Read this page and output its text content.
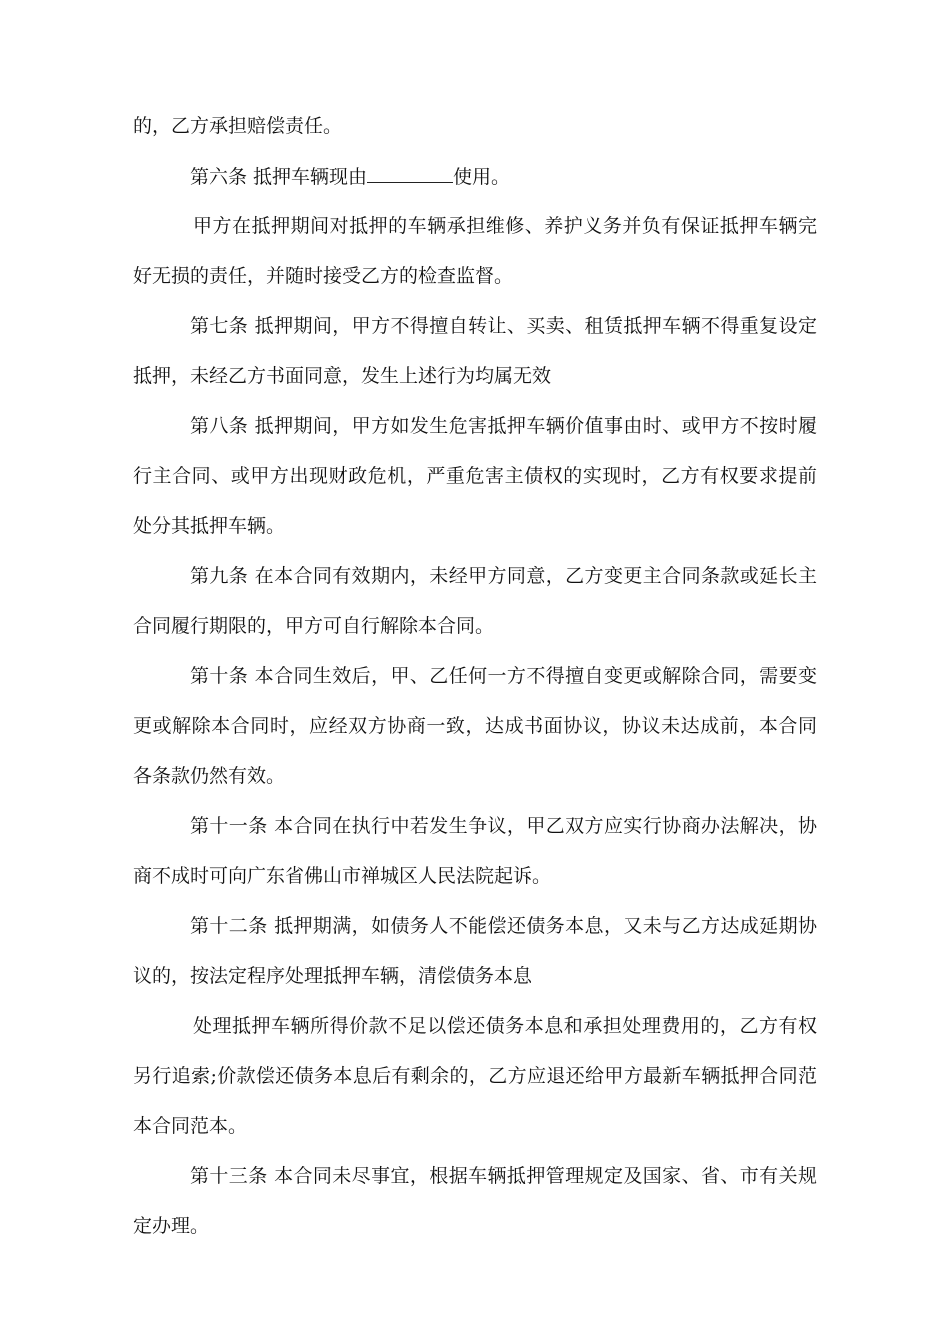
的，乙方承担赔偿责任。
第六条 抵押车辆现由	使用。
甲方在抵押期间对抵押的车辆承担维修、养护义务并负有保证抵押车辆完
好无损的责任，并随时接受乙方的检查监督。
第七条 抵押期间，甲方不得擅自转让、买卖、租赁抵押车辆不得重复设定
抵押，未经乙方书面同意，发生上述行为均属无效
第八条 抵押期间，甲方如发生危害抵押车辆价值事由时、或甲方不按时履
行主合同、或甲方出现财政危机，严重危害主债权的实现时，乙方有权要求提前
处分其抵押车辆。
第九条 在本合同有效期内，未经甲方同意，乙方变更主合同条款或延长主
合同履行期限的，甲方可自行解除本合同。
第十条 本合同生效后，甲、乙任何一方不得擅自变更或解除合同，需要变
更或解除本合同时，应经双方协商一致，达成书面协议，协议未达成前，本合同
各条款仍然有效。
第十一条 本合同在执行中若发生争议，甲乙双方应实行协商办法解决，协
商不成时可向广东省佛山市禅城区人民法院起诉。
第十二条 抵押期满，如债务人不能偿还债务本息，又未与乙方达成延期协
议的，按法定程序处理抵押车辆，清偿债务本息
处理抵押车辆所得价款不足以偿还债务本息和承担处理费用的，乙方有权
另行追索;价款偿还债务本息后有剩余的，乙方应退还给甲方最新车辆抵押合同范
本合同范本。
第十三条 本合同未尽事宜，根据车辆抵押管理规定及国家、省、市有关规
定办理。
